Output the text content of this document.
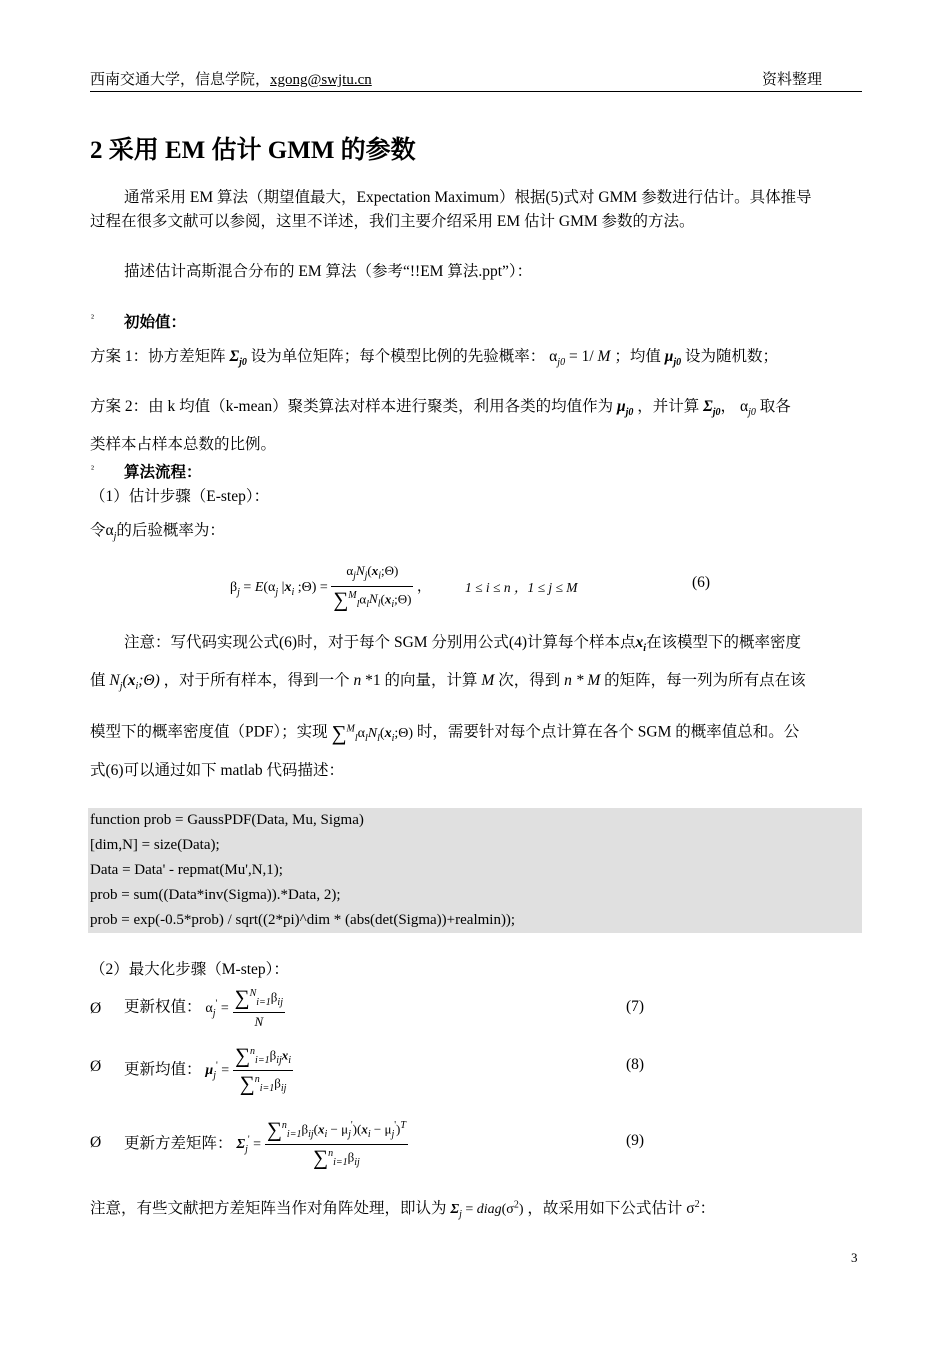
西南交通大学，信息学院，xgong@swjtu.cn	资料整理
2 采用 EM 估计 GMM 的参数
通常采用 EM 算法（期望值最大，Expectation Maximum）根据(5)式对 GMM 参数进行估计。具体推导
过程在很多文献可以参阅，这里不详述，我们主要介绍采用 EM 估计 GMM 参数的方法。
描述估计高斯混合分布的 EM 算法（参考“!!EM 算法.ppt”）：
² 初始值：
方案 1：协方差矩阵 $\Sigma_{j0}$ 设为单位矩阵；每个模型比例的先验概率： $\alpha_{j0} = 1/$ M ；均值 $\mu_{j0}$ 设为随机数；
方案 2：由 k 均值（k-mean）聚类算法对样本进行聚类，利用各类的均值作为 $\mu_{j0}$ ，并计算 $\Sigma_{j0}$， $\alpha_{j0}$ 取各
类样本占样本总数的比例。
² 算法流程：
（1）估计步骤（E-step）：
令$\alpha_j$的后验概率为：
$\beta_j = E(\alpha_j$ $|x_i$ ;Θ) = $\frac{\alpha_jN_j(x_i;\Theta)}{\sum^M_l\alpha_lN_l(x_i;\Theta)}$ ，	1 ≤ i ≤ n ，1 ≤ j ≤ M	(6)
注意：写代码实现公式(6)时，对于每个 SGM 分别用公式(4)计算每个样本点$x_i$在该模型下的概率密度
值 $N_j(x_i;\Theta)$ ，对于所有样本，得到一个 n *1 的向量，计算 M 次，得到 n * M 的矩阵，每一列为所有点在该
模型下的概率密度值（PDF）；实现 $\sum^M_l\alpha_lN_l(x_i;\Theta)$ 时，需要针对每个点计算在各个 SGM 的概率值总和。公
式(6)可以通过如下 matlab 代码描述：
function prob = GaussPDF(Data, Mu, Sigma)
[dim,N] = size(Data);
Data = Data' - repmat(Mu',N,1);
prob = sum((Data*inv(Sigma)).*Data, 2);
prob = exp(-0.5*prob) / sqrt((2*pi)^dim * (abs(det(Sigma))+realmin));
（2）最大化步骤（M-step）：
Ø 更新权值： $\alpha_j' = \frac{\sum^N_{i=1}\beta_{ij}}{N}$	(7)
Ø 更新均值： $\mu_j' = \frac{\sum^n_{i=1}\beta_{ij}x_i}{\sum^n_{i=1}\beta_{ij}}$	(8)
Ø 更新方差矩阵： $\Sigma_j' = \frac{\sum^n_{i=1}\beta_{ij}(x_i - \mu_j')(x_i - \mu_j')^T}{\sum^n_{i=1}\beta_{ij}}$	(9)
注意，有些文献把方差矩阵当作对角阵处理，即认为 $\Sigma_j$ = $diag(\sigma^2)$ ，故采用如下公式估计 $\sigma^2$：
3
